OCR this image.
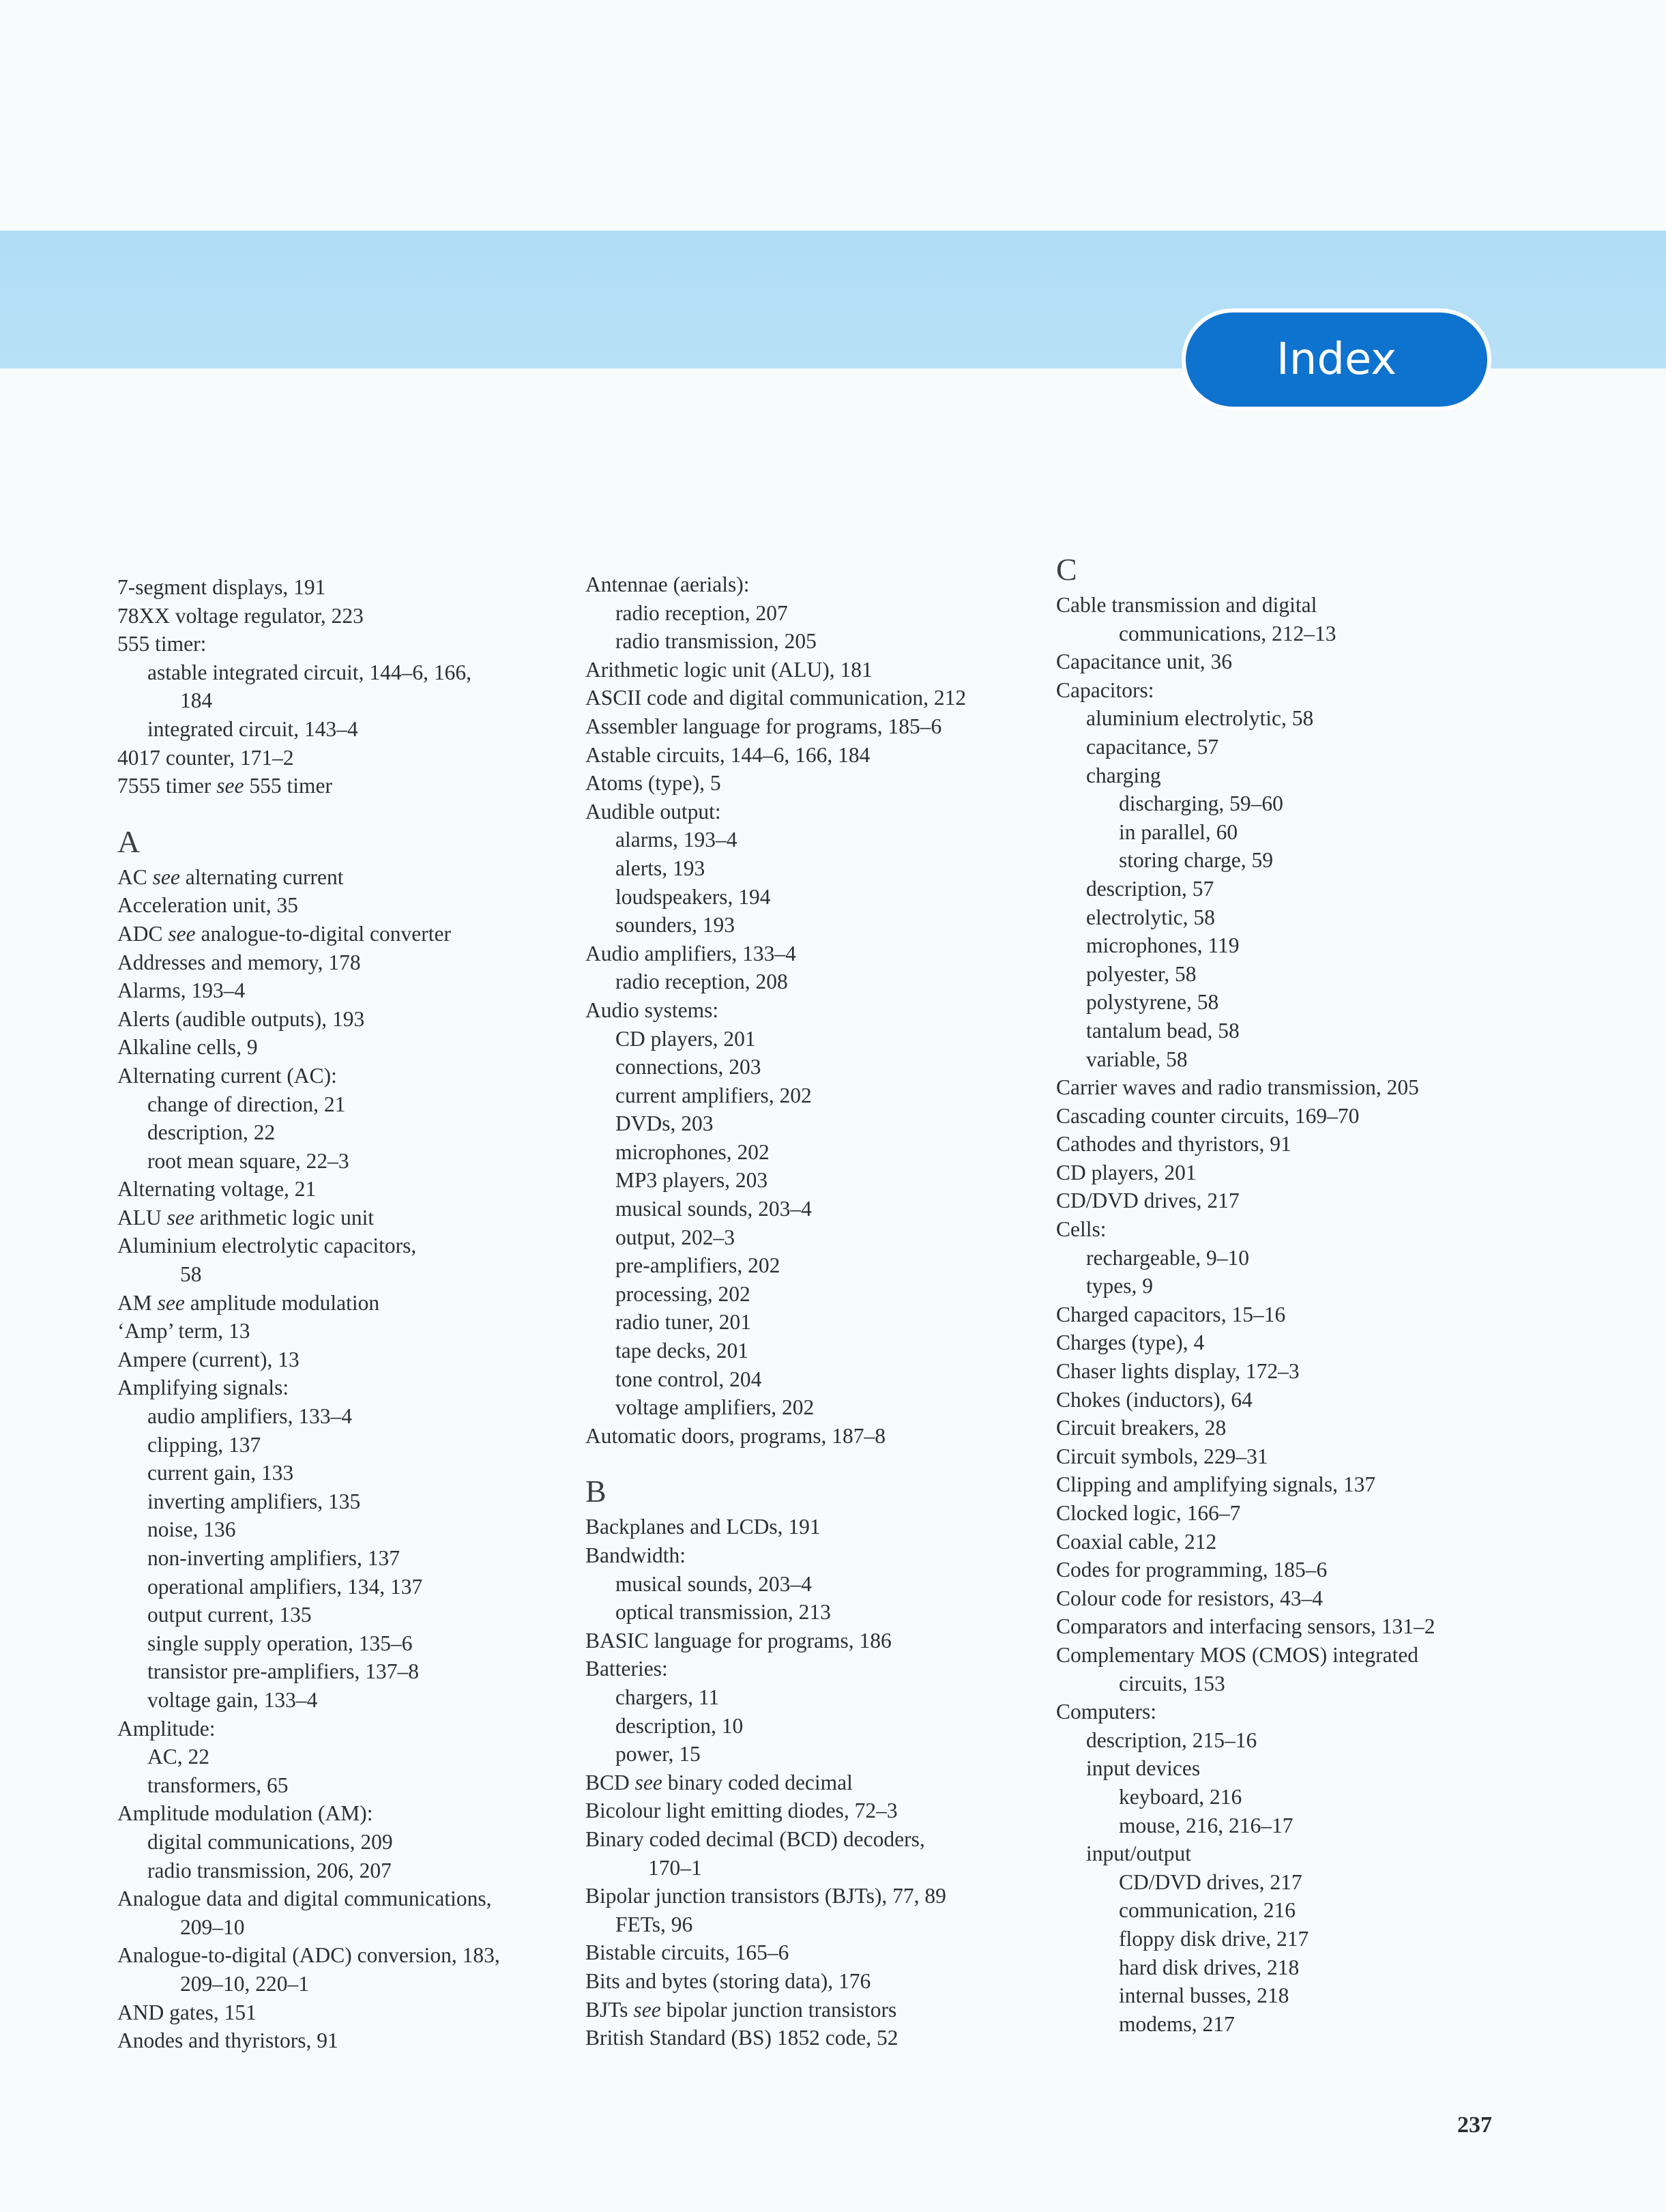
Index
7-segment displays, 191
78XX voltage regulator, 223
555 timer:
astable integrated circuit, 144–6, 166,
184
integrated circuit, 143–4
4017 counter, 171–2
7555 timer see 555 timer
A
AC see alternating current
Acceleration unit, 35
ADC see analogue-to-digital converter
Addresses and memory, 178
Alarms, 193–4
Alerts (audible outputs), 193
Alkaline cells, 9
Alternating current (AC):
change of direction, 21
description, 22
root mean square, 22–3
Alternating voltage, 21
ALU see arithmetic logic unit
Aluminium electrolytic capacitors,
58
AM see amplitude modulation
‘Amp’ term, 13
Ampere (current), 13
Amplifying signals:
audio amplifiers, 133–4
clipping, 137
current gain, 133
inverting amplifiers, 135
noise, 136
non-inverting amplifiers, 137
operational amplifiers, 134, 137
output current, 135
single supply operation, 135–6
transistor pre-amplifiers, 137–8
voltage gain, 133–4
Amplitude:
AC, 22
transformers, 65
Amplitude modulation (AM):
digital communications, 209
radio transmission, 206, 207
Analogue data and digital communications,
209–10
Analogue-to-digital (ADC) conversion, 183,
209–10, 220–1
AND gates, 151
Anodes and thyristors, 91
Antennae (aerials):
radio reception, 207
radio transmission, 205
Arithmetic logic unit (ALU), 181
ASCII code and digital communication, 212
Assembler language for programs, 185–6
Astable circuits, 144–6, 166, 184
Atoms (type), 5
Audible output:
alarms, 193–4
alerts, 193
loudspeakers, 194
sounders, 193
Audio amplifiers, 133–4
radio reception, 208
Audio systems:
CD players, 201
connections, 203
current amplifiers, 202
DVDs, 203
microphones, 202
MP3 players, 203
musical sounds, 203–4
output, 202–3
pre-amplifiers, 202
processing, 202
radio tuner, 201
tape decks, 201
tone control, 204
voltage amplifiers, 202
Automatic doors, programs, 187–8
B
Backplanes and LCDs, 191
Bandwidth:
musical sounds, 203–4
optical transmission, 213
BASIC language for programs, 186
Batteries:
chargers, 11
description, 10
power, 15
BCD see binary coded decimal
Bicolour light emitting diodes, 72–3
Binary coded decimal (BCD) decoders,
170–1
Bipolar junction transistors (BJTs), 77, 89
FETs, 96
Bistable circuits, 165–6
Bits and bytes (storing data), 176
BJTs see bipolar junction transistors
British Standard (BS) 1852 code, 52
C
Cable transmission and digital
communications, 212–13
Capacitance unit, 36
Capacitors:
aluminium electrolytic, 58
capacitance, 57
charging
discharging, 59–60
in parallel, 60
storing charge, 59
description, 57
electrolytic, 58
microphones, 119
polyester, 58
polystyrene, 58
tantalum bead, 58
variable, 58
Carrier waves and radio transmission, 205
Cascading counter circuits, 169–70
Cathodes and thyristors, 91
CD players, 201
CD/DVD drives, 217
Cells:
rechargeable, 9–10
types, 9
Charged capacitors, 15–16
Charges (type), 4
Chaser lights display, 172–3
Chokes (inductors), 64
Circuit breakers, 28
Circuit symbols, 229–31
Clipping and amplifying signals, 137
Clocked logic, 166–7
Coaxial cable, 212
Codes for programming, 185–6
Colour code for resistors, 43–4
Comparators and interfacing sensors, 131–2
Complementary MOS (CMOS) integrated
circuits, 153
Computers:
description, 215–16
input devices
keyboard, 216
mouse, 216, 216–17
input/output
CD/DVD drives, 217
communication, 216
floppy disk drive, 217
hard disk drives, 218
internal busses, 218
modems, 217
237
